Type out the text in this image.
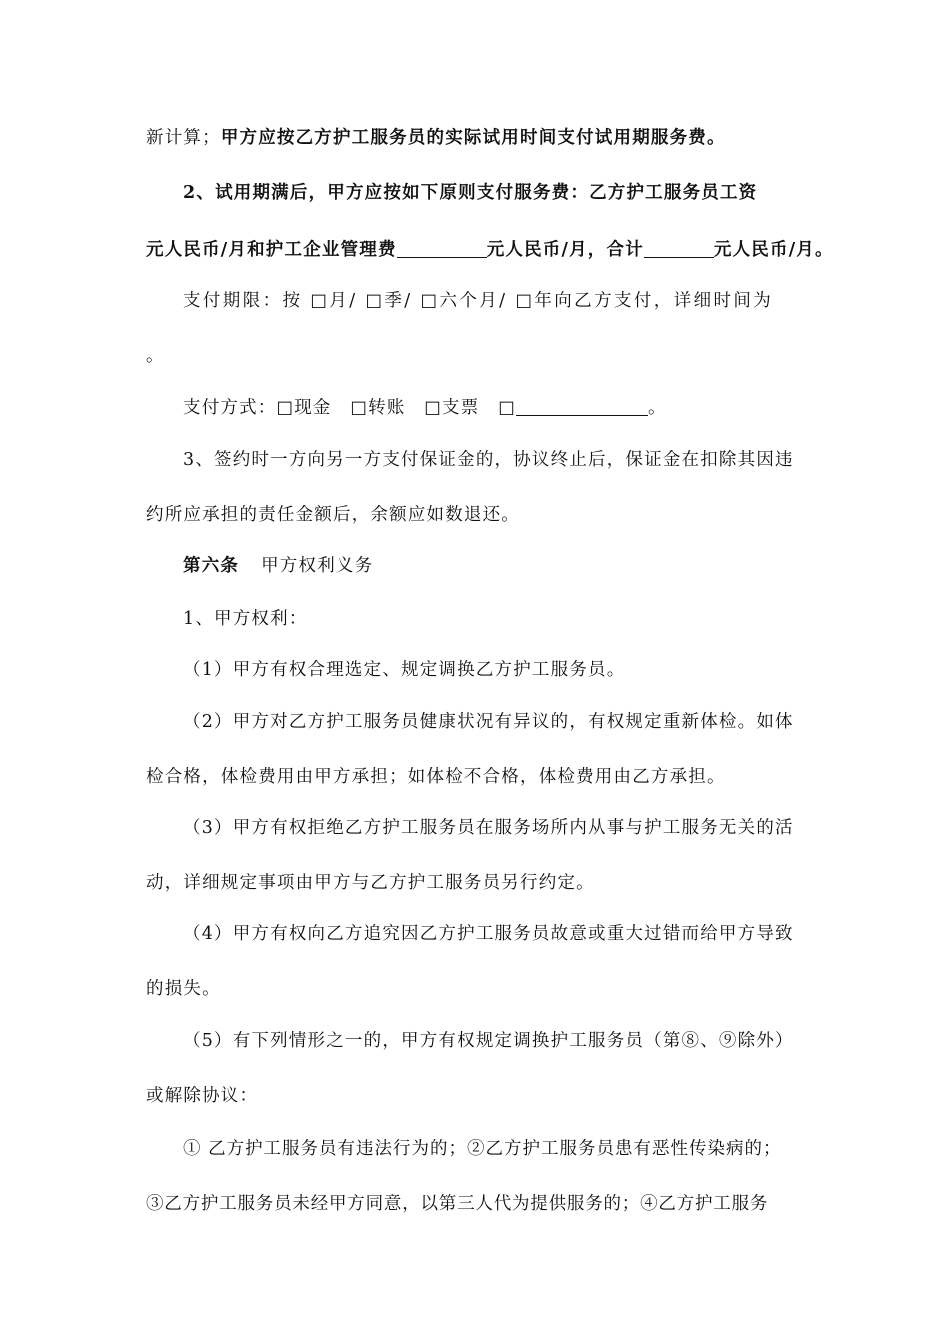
新计算；甲方应按乙方护工服务员的实际试用时间支付试用期服务费。
2、试用期满后，甲方应按如下原则支付服务费：乙方护工服务员工资
元人民币/月和护工企业管理费	元人民币/月，合计	元人民币/月。
支付期限：按 □月/ □季/ □六个月/ □年向乙方支付，详细时间为
。
支付方式：□现金 □转账 □支票 □	。
3、签约时一方向另一方支付保证金的，协议终止后，保证金在扣除其因违
约所应承担的责任金额后，余额应如数退还。
第六条 甲方权利义务
1、甲方权利：
（1）甲方有权合理选定、规定调换乙方护工服务员。
（2）甲方对乙方护工服务员健康状况有异议的，有权规定重新体检。如体
检合格，体检费用由甲方承担；如体检不合格，体检费用由乙方承担。
（3）甲方有权拒绝乙方护工服务员在服务场所内从事与护工服务无关的活
动，详细规定事项由甲方与乙方护工服务员另行约定。
（4）甲方有权向乙方追究因乙方护工服务员故意或重大过错而给甲方导致
的损失。
（5）有下列情形之一的，甲方有权规定调换护工服务员（第⑧、⑨除外）
或解除协议：
① 乙方护工服务员有违法行为的；②乙方护工服务员患有恶性传染病的；
③乙方护工服务员未经甲方同意，以第三人代为提供服务的；④乙方护工服务
